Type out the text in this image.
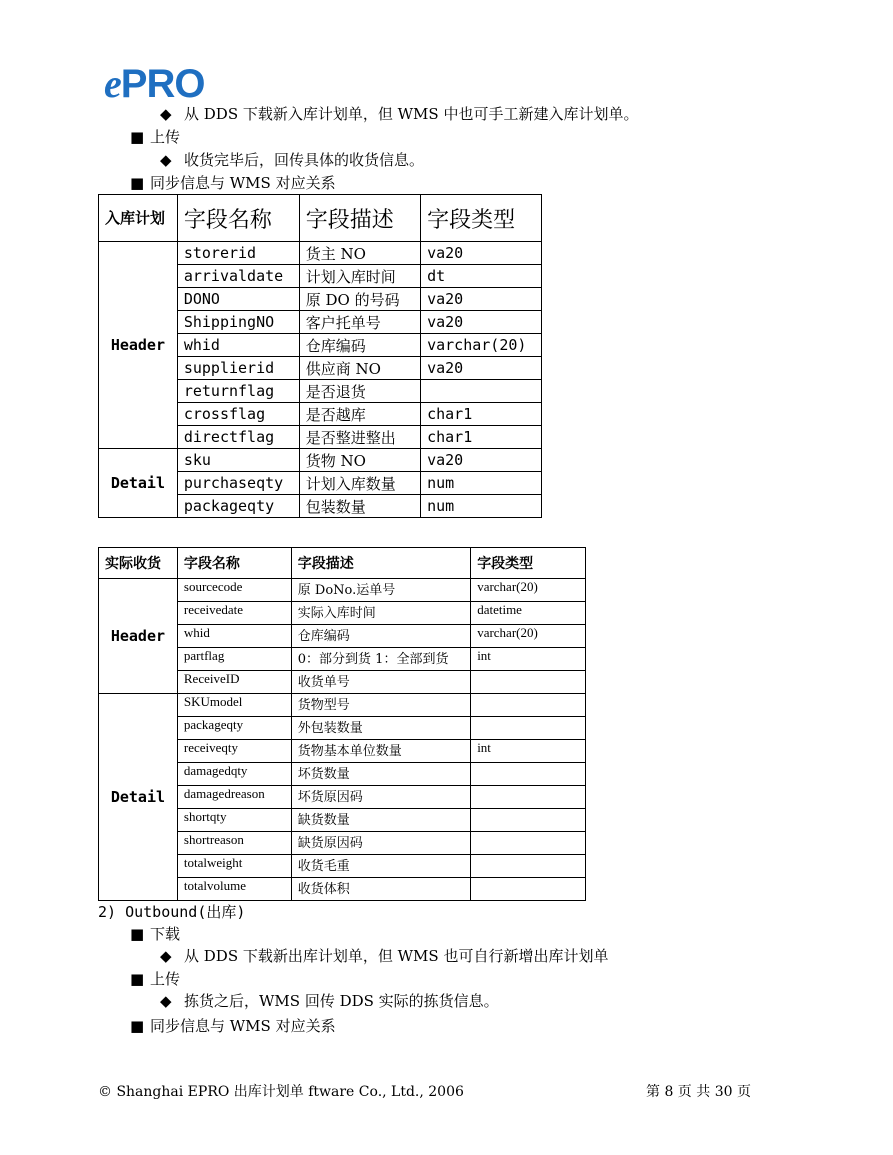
ePRO
◆ 从 DDS 下载新入库计划单，但 WMS 中也可手工新建入库计划单。
■ 上传
◆ 收货完毕后，回传具体的收货信息。
■ 同步信息与 WMS 对应关系
入库计划	字段名称	字段描述	字段类型
Header	storerid	货主 NO	va20
	arrivaldate	计划入库时间	dt
	DONO	原 DO 的号码	va20
	ShippingNO	客户托单号	va20
	whid	仓库编码	varchar(20)
	supplierid	供应商 NO	va20
	returnflag	是否退货	
	crossflag	是否越库	char1
	directflag	是否整进整出	char1
Detail	sku	货物 NO	va20
	purchaseqty	计划入库数量	num
	packageqty	包装数量	num
实际收货	字段名称	字段描述	字段类型
Header	sourcecode	原 DoNo.运单号	varchar(20)
	receivedate	实际入库时间	datetime
	whid	仓库编码	varchar(20)
	partflag	0：部分到货 1：全部到货	int
	ReceiveID	收货单号	
Detail	SKUmodel	货物型号	
	packageqty	外包装数量	
	receiveqty	货物基本单位数量	int
	damagedqty	坏货数量	
	damagedreason	坏货原因码	
	shortqty	缺货数量	
	shortreason	缺货原因码	
	totalweight	收货毛重	
	totalvolume	收货体积	
2) Outbound(出库)
■ 下载
◆ 从 DDS 下载新出库计划单，但 WMS 也可自行新增出库计划单
■ 上传
◆ 拣货之后，WMS 回传 DDS 实际的拣货信息。
■ 同步信息与 WMS 对应关系
© Shanghai EPRO 出库计划单 ftware Co., Ltd., 2006	第 8 页 共 30 页
